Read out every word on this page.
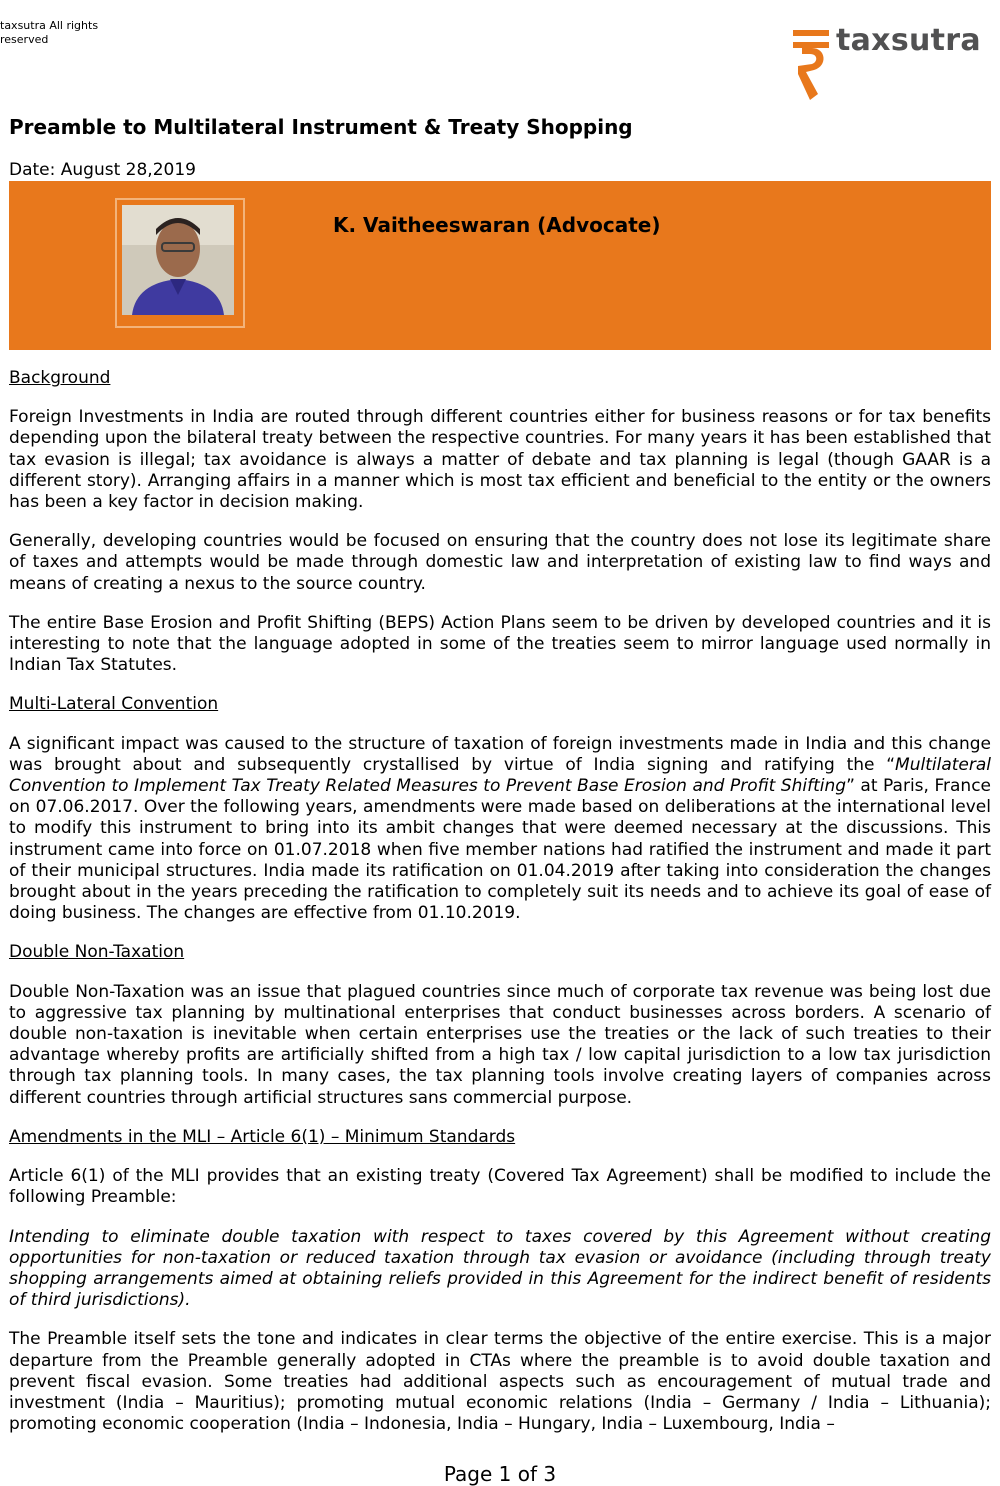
taxsutra All rights reserved	taxsutra
Preamble to Multilateral Instrument & Treaty Shopping
Date: August 28,2019
K. Vaitheeswaran (Advocate)
Background

Foreign Investments in India are routed through different countries either for business reasons or for tax benefits depending upon the bilateral treaty between the respective countries. For many years it has been established that tax evasion is illegal; tax avoidance is always a matter of debate and tax planning is legal (though GAAR is a different story). Arranging affairs in a manner which is most tax efficient and beneficial to the entity or the owners has been a key factor in decision making.

Generally, developing countries would be focused on ensuring that the country does not lose its legitimate share of taxes and attempts would be made through domestic law and interpretation of existing law to find ways and means of creating a nexus to the source country.

The entire Base Erosion and Profit Shifting (BEPS) Action Plans seem to be driven by developed countries and it is interesting to note that the language adopted in some of the treaties seem to mirror language used normally in Indian Tax Statutes.

Multi-Lateral Convention

A significant impact was caused to the structure of taxation of foreign investments made in India and this change was brought about and subsequently crystallised by virtue of India signing and ratifying the “Multilateral Convention to Implement Tax Treaty Related Measures to Prevent Base Erosion and Profit Shifting” at Paris, France on 07.06.2017. Over the following years, amendments were made based on deliberations at the international level to modify this instrument to bring into its ambit changes that were deemed necessary at the discussions. This instrument came into force on 01.07.2018 when five member nations had ratified the instrument and made it part of their municipal structures. India made its ratification on 01.04.2019 after taking into consideration the changes brought about in the years preceding the ratification to completely suit its needs and to achieve its goal of ease of doing business. The changes are effective from 01.10.2019.

Double Non-Taxation

Double Non-Taxation was an issue that plagued countries since much of corporate tax revenue was being lost due to aggressive tax planning by multinational enterprises that conduct businesses across borders. A scenario of double non-taxation is inevitable when certain enterprises use the treaties or the lack of such treaties to their advantage whereby profits are artificially shifted from a high tax / low capital jurisdiction to a low tax jurisdiction through tax planning tools. In many cases, the tax planning tools involve creating layers of companies across different countries through artificial structures sans commercial purpose.

Amendments in the MLI – Article 6(1) – Minimum Standards

Article 6(1) of the MLI provides that an existing treaty (Covered Tax Agreement) shall be modified to include the following Preamble:

Intending to eliminate double taxation with respect to taxes covered by this Agreement without creating opportunities for non-taxation or reduced taxation through tax evasion or avoidance (including through treaty shopping arrangements aimed at obtaining reliefs provided in this Agreement for the indirect benefit of residents of third jurisdictions).

The Preamble itself sets the tone and indicates in clear terms the objective of the entire exercise. This is a major departure from the Preamble generally adopted in CTAs where the preamble is to avoid double taxation and prevent fiscal evasion. Some treaties had additional aspects such as encouragement of mutual trade and investment (India – Mauritius); promoting mutual economic relations (India – Germany / India – Lithuania); promoting economic cooperation (India – Indonesia, India – Hungary, India – Luxembourg, India –

Page 1 of 3
